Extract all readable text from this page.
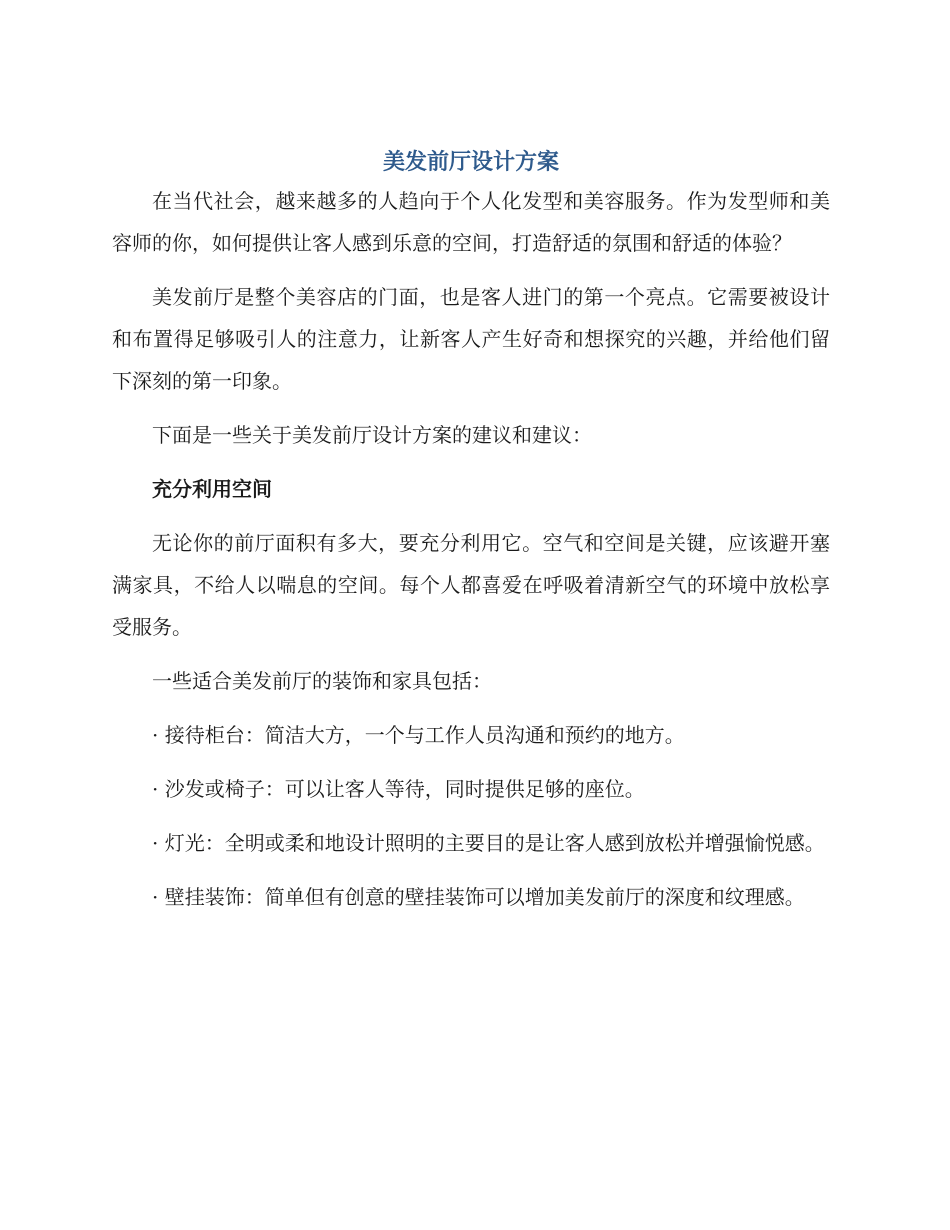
美发前厅设计方案

在当代社会，越来越多的人趋向于个人化发型和美容服务。作为发型师和美容师的你，如何提供让客人感到乐意的空间，打造舒适的氛围和舒适的体验？

美发前厅是整个美容店的门面，也是客人进门的第一个亮点。它需要被设计和布置得足够吸引人的注意力，让新客人产生好奇和想探究的兴趣，并给他们留下深刻的第一印象。

下面是一些关于美发前厅设计方案的建议和建议：

充分利用空间

无论你的前厅面积有多大，要充分利用它。空气和空间是关键，应该避开塞满家具，不给人以喘息的空间。每个人都喜爱在呼吸着清新空气的环境中放松享受服务。

一些适合美发前厅的装饰和家具包括：

· 接待柜台：简洁大方，一个与工作人员沟通和预约的地方。

· 沙发或椅子：可以让客人等待，同时提供足够的座位。

· 灯光：全明或柔和地设计照明的主要目的是让客人感到放松并增强愉悦感。

· 壁挂装饰：简单但有创意的壁挂装饰可以增加美发前厅的深度和纹理感。
